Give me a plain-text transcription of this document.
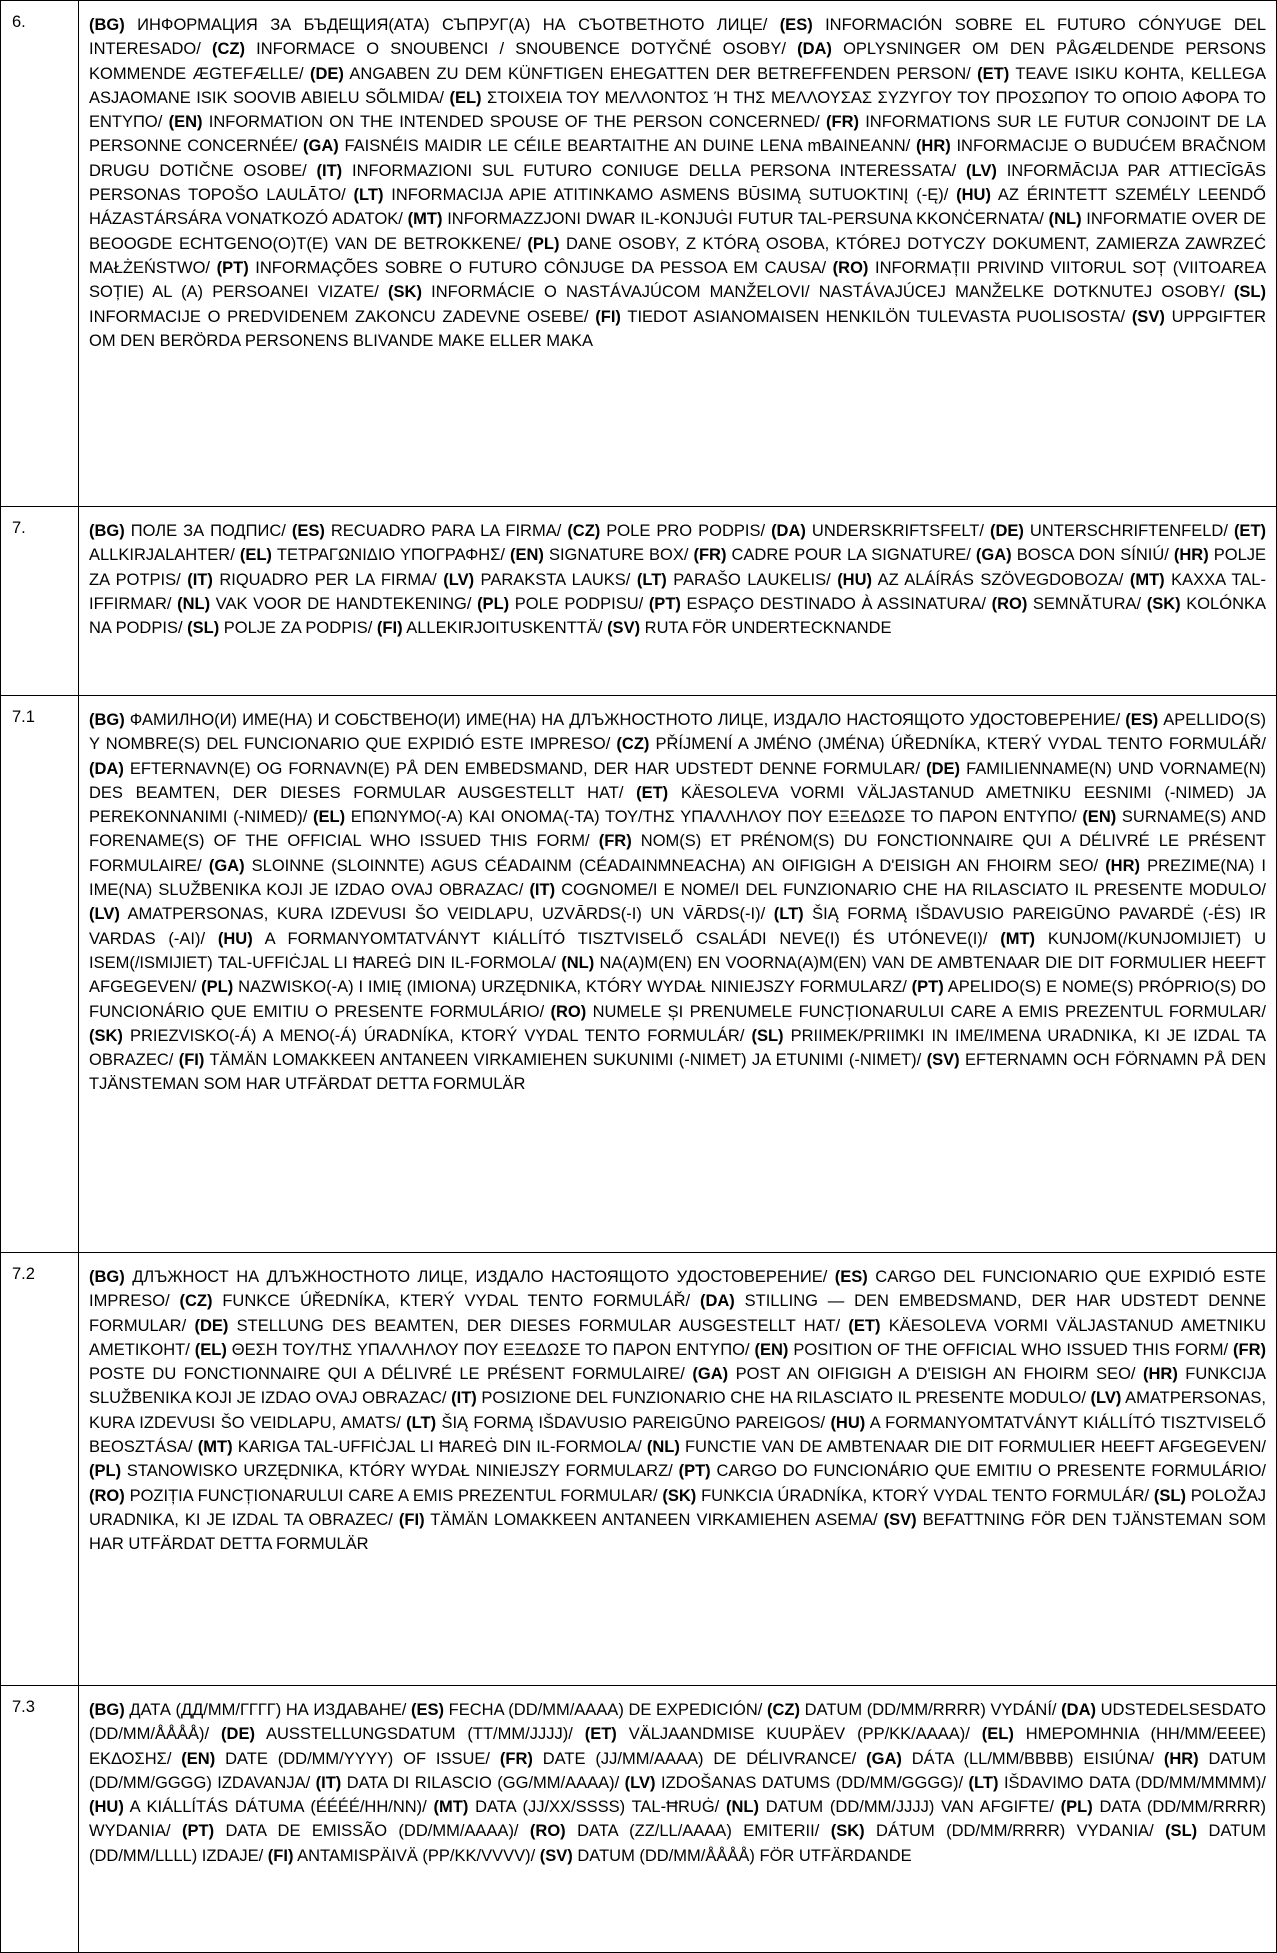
6.	(BG) ИНФОРМАЦИЯ ЗА БЪДЕЩИЯ(АТА) СЪПРУГ(А) НА СЪОТВЕТНОТО ЛИЦЕ/ (ES) INFORMACIÓN SOBRE EL FUTURO CÓNYUGE DEL INTERESADO/ (CZ) INFORMACE O SNOUBENCI / SNOUBENCE DOTYČNÉ OSOBY/ (DA) OPLYSNINGER OM DEN PÅGÆLDENDE PERSONS KOMMENDE ÆGTEFÆLLE/ (DE) ANGABEN ZU DEM KÜNFTIGEN EHEGATTEN DER BETREFFENDEN PERSON/ (ET) TEAVE ISIKU KOHTA, KELLEGA ASJAOMANE ISIK SOOVIB ABIELU SÕLMIDA/ (EL) ΣΤΟΙΧΕΙΑ ΤΟΥ ΜΕΛΛΟΝΤΟΣ Ή ΤΗΣ ΜΕΛΛΟΥΣΑΣ ΣΥΖΥΓΟΥ ΤΟΥ ΠΡΟΣΩΠΟΥ ΤΟ ΟΠΟΙΟ ΑΦΟΡΑ ΤΟ ΕΝΤΥΠΟ/ (EN) INFORMATION ON THE INTENDED SPOUSE OF THE PERSON CONCERNED/ (FR) INFORMATIONS SUR LE FUTUR CONJOINT DE LA PERSONNE CONCERNÉE/ (GA) FAISNÉIS MAIDIR LE CÉILE BEARTAITHE AN DUINE LENA mBAINEANN/ (HR) INFORMACIJE O BUDUĆEM BRAČNOM DRUGU DOTIČNE OSOBE/ (IT) INFORMAZIONI SUL FUTURO CONIUGE DELLA PERSONA INTERESSATA/ (LV) INFORMĀCIJA PAR ATTIECĪGĀS PERSONAS TOPOŠO LAULĀTO/ (LT) INFORMACIJA APIE ATITINKAMO ASMENS BŪSIMĄ SUTUOKTINĮ (-Ę)/ (HU) AZ ÉRINTETT SZEMÉLY LEENDŐ HÁZASTÁRSÁRA VONATKOZÓ ADATOK/ (MT) INFORMAZZJONI DWAR IL-KONJUĠI FUTUR TAL-PERSUNA KKONĊERNATA/ (NL) INFORMATIE OVER DE BEOOGDE ECHTGENO(O)T(E) VAN DE BETROKKENE/ (PL) DANE OSOBY, Z KTÓRĄ OSOBA, KTÓREJ DOTYCZY DOKUMENT, ZAMIERZA ZAWRZEĆ MAŁŻEŃSTWO/ (PT) INFORMAÇÕES SOBRE O FUTURO CÔNJUGE DA PESSOA EM CAUSA/ (RO) INFORMAȚII PRIVIND VIITORUL SOȚ (VIITOAREA SOȚIE) AL (A) PERSOANEI VIZATE/ (SK) INFORMÁCIE O NASTÁVAJÚCOM MANŽELOVI/ NASTÁVAJÚCEJ MANŽELKE DOTKNUTEJ OSOBY/ (SL) INFORMACIJE O PREDVIDENEM ZAKONCU ZADEVNE OSEBE/ (FI) TIEDOT ASIANOMAISEN HENKILÖN TULEVASTA PUOLISOSTA/ (SV) UPPGIFTER OM DEN BERÖRDA PERSONENS BLIVANDE MAKE ELLER MAKA
7.	(BG) ПОЛЕ ЗА ПОДПИС/ (ES) RECUADRO PARA LA FIRMA/ (CZ) POLE PRO PODPIS/ (DA) UNDERSKRIFTSFELT/ (DE) UNTERSCHRIFTENFELD/ (ET) ALLKIRJALAHTER/ (EL) ΤΕΤΡΑΓΩΝΙΔΙΟ ΥΠΟΓΡΑΦΗΣ/ (EN) SIGNATURE BOX/ (FR) CADRE POUR LA SIGNATURE/ (GA) BOSCA DON SÍNIÚ/ (HR) POLJE ZA POTPIS/ (IT) RIQUADRO PER LA FIRMA/ (LV) PARAKSTA LAUKS/ (LT) PARAŠO LAUKELIS/ (HU) AZ ALÁÍRÁS SZÖVEGDOBOZA/ (MT) KAXXA TAL-IFFIRMAR/ (NL) VAK VOOR DE HANDTEKENING/ (PL) POLE PODPISU/ (PT) ESPAÇO DESTINADO À ASSINATURA/ (RO) SEMNĂTURA/ (SK) KOLÓNKA NA PODPIS/ (SL) POLJE ZA PODPIS/ (FI) ALLEKIRJOITUSKENTTÄ/ (SV) RUTA FÖR UNDERTECKNANDE
7.1	(BG) ФАМИЛНО(И) ИМЕ(НА) И СОБСТВЕНО(И) ИМЕ(НА) НА ДЛЪЖНОСТНОТО ЛИЦЕ, ИЗДАЛО НАСТОЯЩОТО УДОСТОВЕРЕНИЕ/ (ES) APELLIDO(S) Y NOMBRE(S) DEL FUNCIONARIO QUE EXPIDIÓ ESTE IMPRESO/ (CZ) PŘÍJMENÍ A JMÉNO (JMÉNA) ÚŘEDNÍKA, KTERÝ VYDAL TENTO FORMULÁŘ/ (DA) EFTERNAVN(E) OG FORNAVN(E) PÅ DEN EMBEDSMAND, DER HAR UDSTEDT DENNE FORMULAR/ (DE) FAMILIENNAME(N) UND VORNAME(N) DES BEAMTEN, DER DIESES FORMULAR AUSGESTELLT HAT/ (ET) KÄESOLEVA VORMI VÄLJASTANUD AMETNIKU EESNIMI (-NIMED) JA PEREKONNANIMI (-NIMED)/ (EL) ΕΠΩΝΥΜΟ(-Α) ΚΑΙ ΟΝΟΜΑ(-ΤΑ) ΤΟΥ/ΤΗΣ ΥΠΑΛΛΗΛΟΥ ΠΟΥ ΕΞΕΔΩΣΕ ΤΟ ΠΑΡΟΝ ΕΝΤΥΠΟ/ (EN) SURNAME(S) AND FORENAME(S) OF THE OFFICIAL WHO ISSUED THIS FORM/ (FR) NOM(S) ET PRÉNOM(S) DU FONCTIONNAIRE QUI A DÉLIVRÉ LE PRÉSENT FORMULAIRE/ (GA) SLOINNE (SLOINNTE) AGUS CÉADAINM (CÉADAINMNEACHA) AN OIFIGIGH A D'EISIGH AN FHOIRM SEO/ (HR) PREZIME(NA) I IME(NA) SLUŽBENIKA KOJI JE IZDAO OVAJ OBRAZAC/ (IT) COGNOME/I E NOME/I DEL FUNZIONARIO CHE HA RILASCIATO IL PRESENTE MODULO/ (LV) AMATPERSONAS, KURA IZDEVUSI ŠO VEIDLAPU, UZVĀRDS(-I) UN VĀRDS(-I)/ (LT) ŠIĄ FORMĄ IŠDAVUSIO PAREIGŪNO PAVARDĖ (-ĖS) IR VARDAS (-AI)/ (HU) A FORMANYOMTATVÁNYT KIÁLLÍTÓ TISZTVISELŐ CSALÁDI NEVE(I) ÉS UTÓNEVE(I)/ (MT) KUNJOM(/KUNJOMIJIET) U ISEM(/ISMIJIET) TAL-UFFIĊJAL LI ĦAREĠ DIN IL-FORMOLA/ (NL) NA(A)M(EN) EN VOORNA(A)M(EN) VAN DE AMBTENAAR DIE DIT FORMULIER HEEFT AFGEGEVEN/ (PL) NAZWISKO(-A) I IMIĘ (IMIONA) URZĘDNIKA, KTÓRY WYDAŁ NINIEJSZY FORMULARZ/ (PT) APELIDO(S) E NOME(S) PRÓPRIO(S) DO FUNCIONÁRIO QUE EMITIU O PRESENTE FORMULÁRIO/ (RO) NUMELE ȘI PRENUMELE FUNCȚIONARULUI CARE A EMIS PREZENTUL FORMULAR/ (SK) PRIEZVISKO(-Á) A MENO(-Á) ÚRADNÍKA, KTORÝ VYDAL TENTO FORMULÁR/ (SL) PRIIMEK/PRIIMKI IN IME/IMENA URADNIKA, KI JE IZDAL TA OBRAZEC/ (FI) TÄMÄN LOMAKKEEN ANTANEEN VIRKAMIEHEN SUKUNIMI (-NIMET) JA ETUNIMI (-NIMET)/ (SV) EFTERNAMN OCH FÖRNAMN PÅ DEN TJÄNSTEMAN SOM HAR UTFÄRDAT DETTA FORMULÄR
7.2	(BG) ДЛЪЖНОСТ НА ДЛЪЖНОСТНОТО ЛИЦЕ, ИЗДАЛО НАСТОЯЩОТО УДОСТОВЕРЕНИЕ/ (ES) CARGO DEL FUNCIONARIO QUE EXPIDIÓ ESTE IMPRESO/ (CZ) FUNKCE ÚŘEDNÍKA, KTERÝ VYDAL TENTO FORMULÁŘ/ (DA) STILLING — DEN EMBEDSMAND, DER HAR UDSTEDT DENNE FORMULAR/ (DE) STELLUNG DES BEAMTEN, DER DIESES FORMULAR AUSGESTELLT HAT/ (ET) KÄESOLEVA VORMI VÄLJASTANUD AMETNIKU AMETIKOHT/ (EL) ΘΕΣΗ ΤΟΥ/ΤΗΣ ΥΠΑΛΛΗΛΟΥ ΠΟΥ ΕΞΕΔΩΣΕ ΤΟ ΠΑΡΟΝ ΕΝΤΥΠΟ/ (EN) POSITION OF THE OFFICIAL WHO ISSUED THIS FORM/ (FR) POSTE DU FONCTIONNAIRE QUI A DÉLIVRÉ LE PRÉSENT FORMULAIRE/ (GA) POST AN OIFIGIGH A D'EISIGH AN FHOIRM SEO/ (HR) FUNKCIJA SLUŽBENIKA KOJI JE IZDAO OVAJ OBRAZAC/ (IT) POSIZIONE DEL FUNZIONARIO CHE HA RILASCIATO IL PRESENTE MODULO/ (LV) AMATPERSONAS, KURA IZDEVUSI ŠO VEIDLAPU, AMATS/ (LT) ŠIĄ FORMĄ IŠDAVUSIO PAREIGŪNO PAREIGOS/ (HU) A FORMANYOMTATVÁNYT KIÁLLÍTÓ TISZTVISELŐ BEOSZTÁSA/ (MT) KARIGA TAL-UFFIĊJAL LI ĦAREĠ DIN IL-FORMOLA/ (NL) FUNCTIE VAN DE AMBTENAAR DIE DIT FORMULIER HEEFT AFGEGEVEN/ (PL) STANOWISKO URZĘDNIKA, KTÓRY WYDAŁ NINIEJSZY FORMULARZ/ (PT) CARGO DO FUNCIONÁRIO QUE EMITIU O PRESENTE FORMULÁRIO/ (RO) POZIȚIA FUNCȚIONARULUI CARE A EMIS PREZENTUL FORMULAR/ (SK) FUNKCIA ÚRADNÍKA, KTORÝ VYDAL TENTO FORMULÁR/ (SL) POLOŽAJ URADNIKA, KI JE IZDAL TA OBRAZEC/ (FI) TÄMÄN LOMAKKEEN ANTANEEN VIRKAMIEHEN ASEMA/ (SV) BEFATTNING FÖR DEN TJÄNSTEMAN SOM HAR UTFÄRDAT DETTA FORMULÄR
7.3	(BG) ДАТА (ДД/ММ/ГГГГ) НА ИЗДАВАНЕ/ (ES) FECHA (DD/MM/AAAA) DE EXPEDICIÓN/ (CZ) DATUM (DD/MM/RRRR) VYDÁNÍ/ (DA) UDSTEDELSESDATO (DD/MM/ÅÅÅÅ)/ (DE) AUSSTELLUNGSDATUM (TT/MM/JJJJ)/ (ET) VÄLJAANDMISE KUUPÄEV (PP/KK/AAAA)/ (EL) ΗΜΕΡΟΜΗΝΙΑ (ΗΗ/ΜΜ/ΕΕΕΕ) ΕΚΔΟΣΗΣ/ (EN) DATE (DD/MM/YYYY) OF ISSUE/ (FR) DATE (JJ/MM/AAAA) DE DÉLIVRANCE/ (GA) DÁTA (LL/MM/BBBB) EISIÚNA/ (HR) DATUM (DD/MM/GGGG) IZDAVANJA/ (IT) DATA DI RILASCIO (GG/MM/AAAA)/ (LV) IZDOŠANAS DATUMS (DD/MM/GGGG)/ (LT) IŠDAVIMO DATA (DD/MM/MMMM)/ (HU) A KIÁLLÍTÁS DÁTUMA (ÉÉÉÉ/HH/NN)/ (MT) DATA (JJ/XX/SSSS) TAL-ĦRUĠ/ (NL) DATUM (DD/MM/JJJJ) VAN AFGIFTE/ (PL) DATA (DD/MM/RRRR) WYDANIA/ (PT) DATA DE EMISSÃO (DD/MM/AAAA)/ (RO) DATA (ZZ/LL/AAAA) EMITERII/ (SK) DÁTUM (DD/MM/RRRR) VYDANIA/ (SL) DATUM (DD/MM/LLLL) IZDAJE/ (FI) ANTAMISPÄIVÄ (PP/KK/VVVV)/ (SV) DATUM (DD/MM/ÅÅÅÅ) FÖR UTFÄRDANDE
